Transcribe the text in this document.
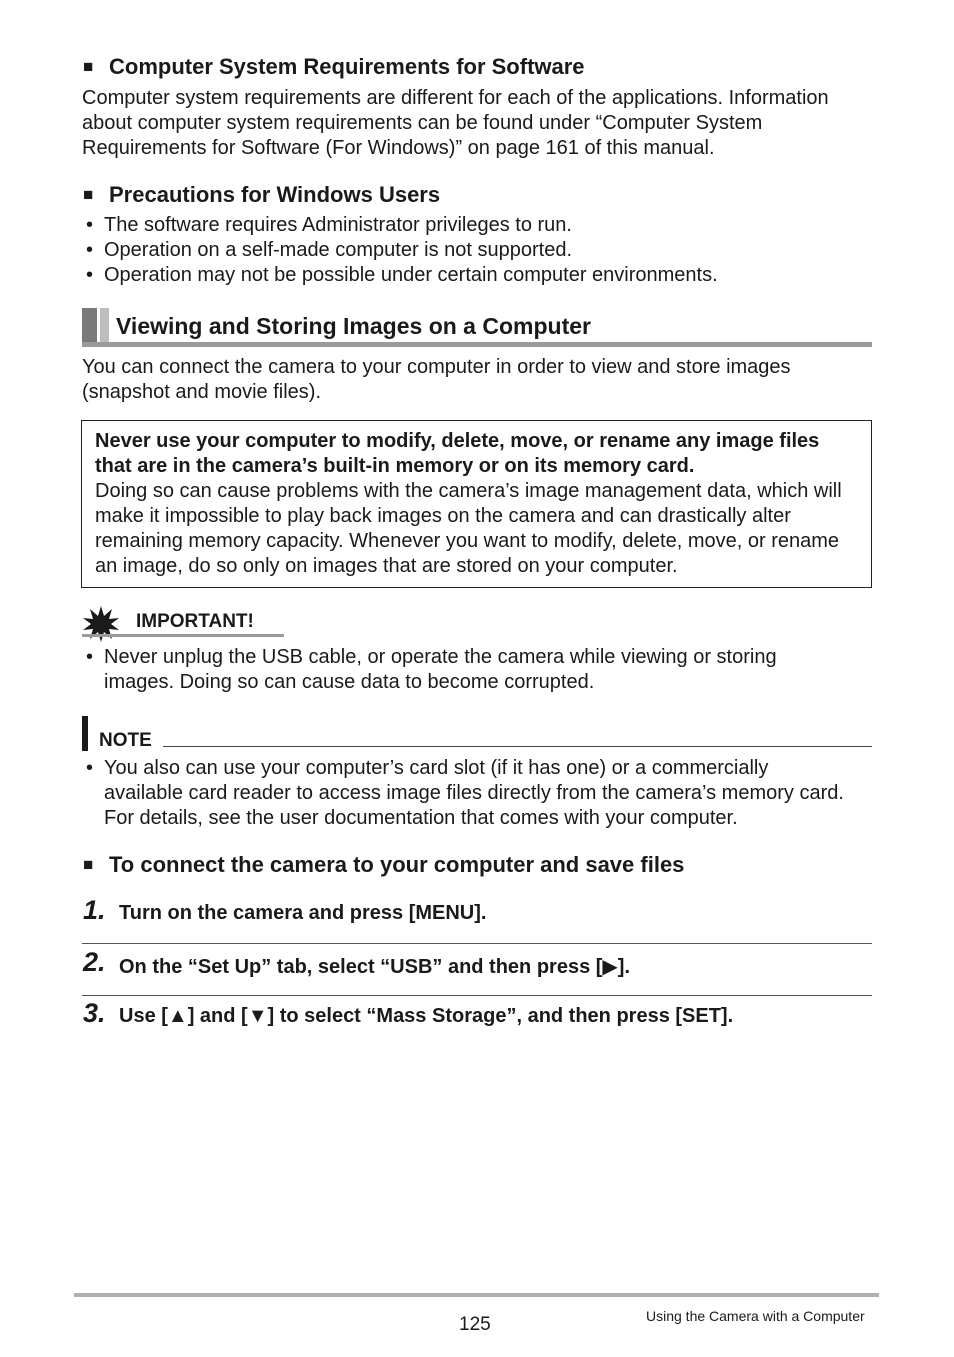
■ Computer System Requirements for Software
Computer system requirements are different for each of the applications. Information about computer system requirements can be found under “Computer System Requirements for Software (For Windows)” on page 161 of this manual.
■ Precautions for Windows Users
• The software requires Administrator privileges to run.
• Operation on a self-made computer is not supported.
• Operation may not be possible under certain computer environments.
Viewing and Storing Images on a Computer
You can connect the camera to your computer in order to view and store images (snapshot and movie files).
Never use your computer to modify, delete, move, or rename any image files that are in the camera’s built-in memory or on its memory card.
Doing so can cause problems with the camera’s image management data, which will make it impossible to play back images on the camera and can drastically alter remaining memory capacity. Whenever you want to modify, delete, move, or rename an image, do so only on images that are stored on your computer.
IMPORTANT!
• Never unplug the USB cable, or operate the camera while viewing or storing images. Doing so can cause data to become corrupted.
NOTE
• You also can use your computer’s card slot (if it has one) or a commercially available card reader to access image files directly from the camera’s memory card. For details, see the user documentation that comes with your computer.
■ To connect the camera to your computer and save files
1. Turn on the camera and press [MENU].
2. On the “Set Up” tab, select “USB” and then press [▶].
3. Use [▲] and [▼] to select “Mass Storage”, and then press [SET].
125	Using the Camera with a Computer
